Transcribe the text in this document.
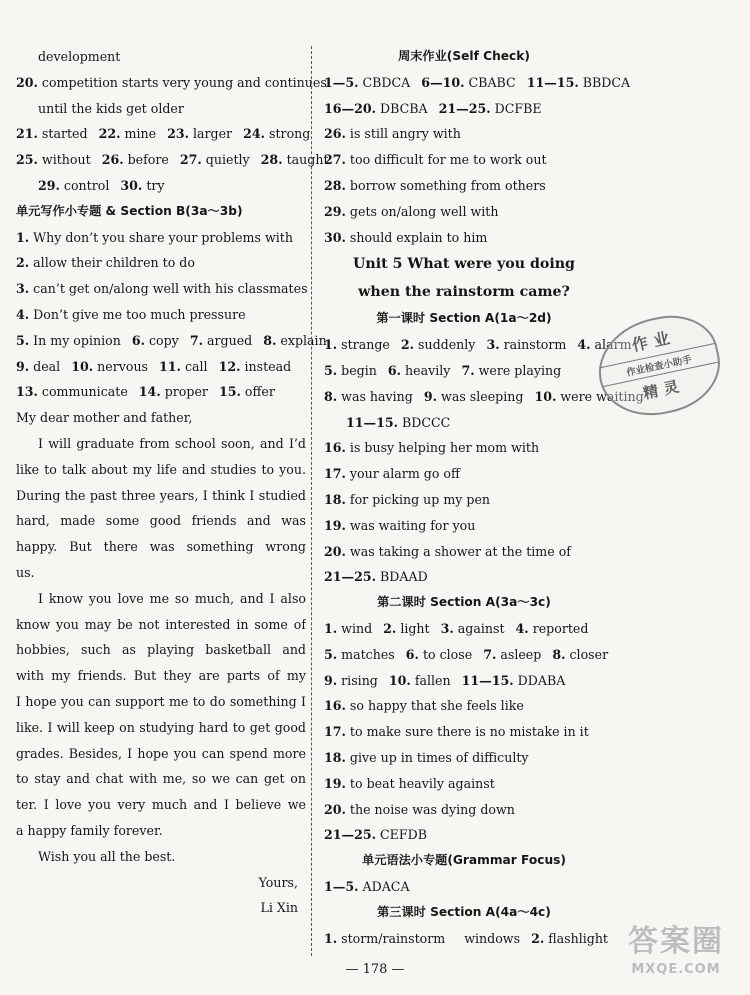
development
20. competition starts very young and continues
until the kids get older
21. started 22. mine 23. larger 24. strong
25. without 26. before 27. quietly 28. taught
29. control 30. try
单元写作小专题 & Section B(3a～3b)
1. Why don’t you share your problems with
2. allow their children to do
3. can’t get on/along well with his classmates
4. Don’t give me too much pressure
5. In my opinion 6. copy 7. argued 8. explain
9. deal 10. nervous 11. call 12. instead
13. communicate 14. proper 15. offer
My dear mother and father,
I will graduate from school soon, and I’d
like to talk about my life and studies to you.
During the past three years, I think I studied
hard, made some good friends and was
happy. But there was something wrong
us.
I know you love me so much, and I also
know you may be not interested in some of
hobbies, such as playing basketball and
with my friends. But they are parts of my
I hope you can support me to do something I
like. I will keep on studying hard to get good
grades. Besides, I hope you can spend more
to stay and chat with me, so we can get on
ter. I love you very much and I believe we
a happy family forever.
Wish you all the best.
Yours,
Li Xin
周末作业(Self Check)
1—5. CBDCA 6—10. CBABC 11—15. BBDCA
16—20. DBCBA 21—25. DCFBE
26. is still angry with
27. too difficult for me to work out
28. borrow something from others
29. gets on/along well with
30. should explain to him
Unit 5 What were you doing
when the rainstorm came?
第一课时 Section A(1a～2d)
1. strange 2. suddenly 3. rainstorm 4. alarm
5. begin 6. heavily 7. were playing
8. was having 9. was sleeping 10. were waiting
11—15. BDCCC
16. is busy helping her mom with
17. your alarm go off
18. for picking up my pen
19. was waiting for you
20. was taking a shower at the time of
21—25. BDAAD
第二课时 Section A(3a～3c)
1. wind 2. light 3. against 4. reported
5. matches 6. to close 7. asleep 8. closer
9. rising 10. fallen 11—15. DDABA
16. so happy that she feels like
17. to make sure there is no mistake in it
18. give up in times of difficulty
19. to beat heavily against
20. the noise was dying down
21—25. CEFDB
单元语法小专题(Grammar Focus)
1—5. ADACA
第三课时 Section A(4a～4c)
1. storm/rainstorm windows 2. flashlight
— 178 —
作业
作业检查小助手
精灵
答案圈
MXQE.COM
